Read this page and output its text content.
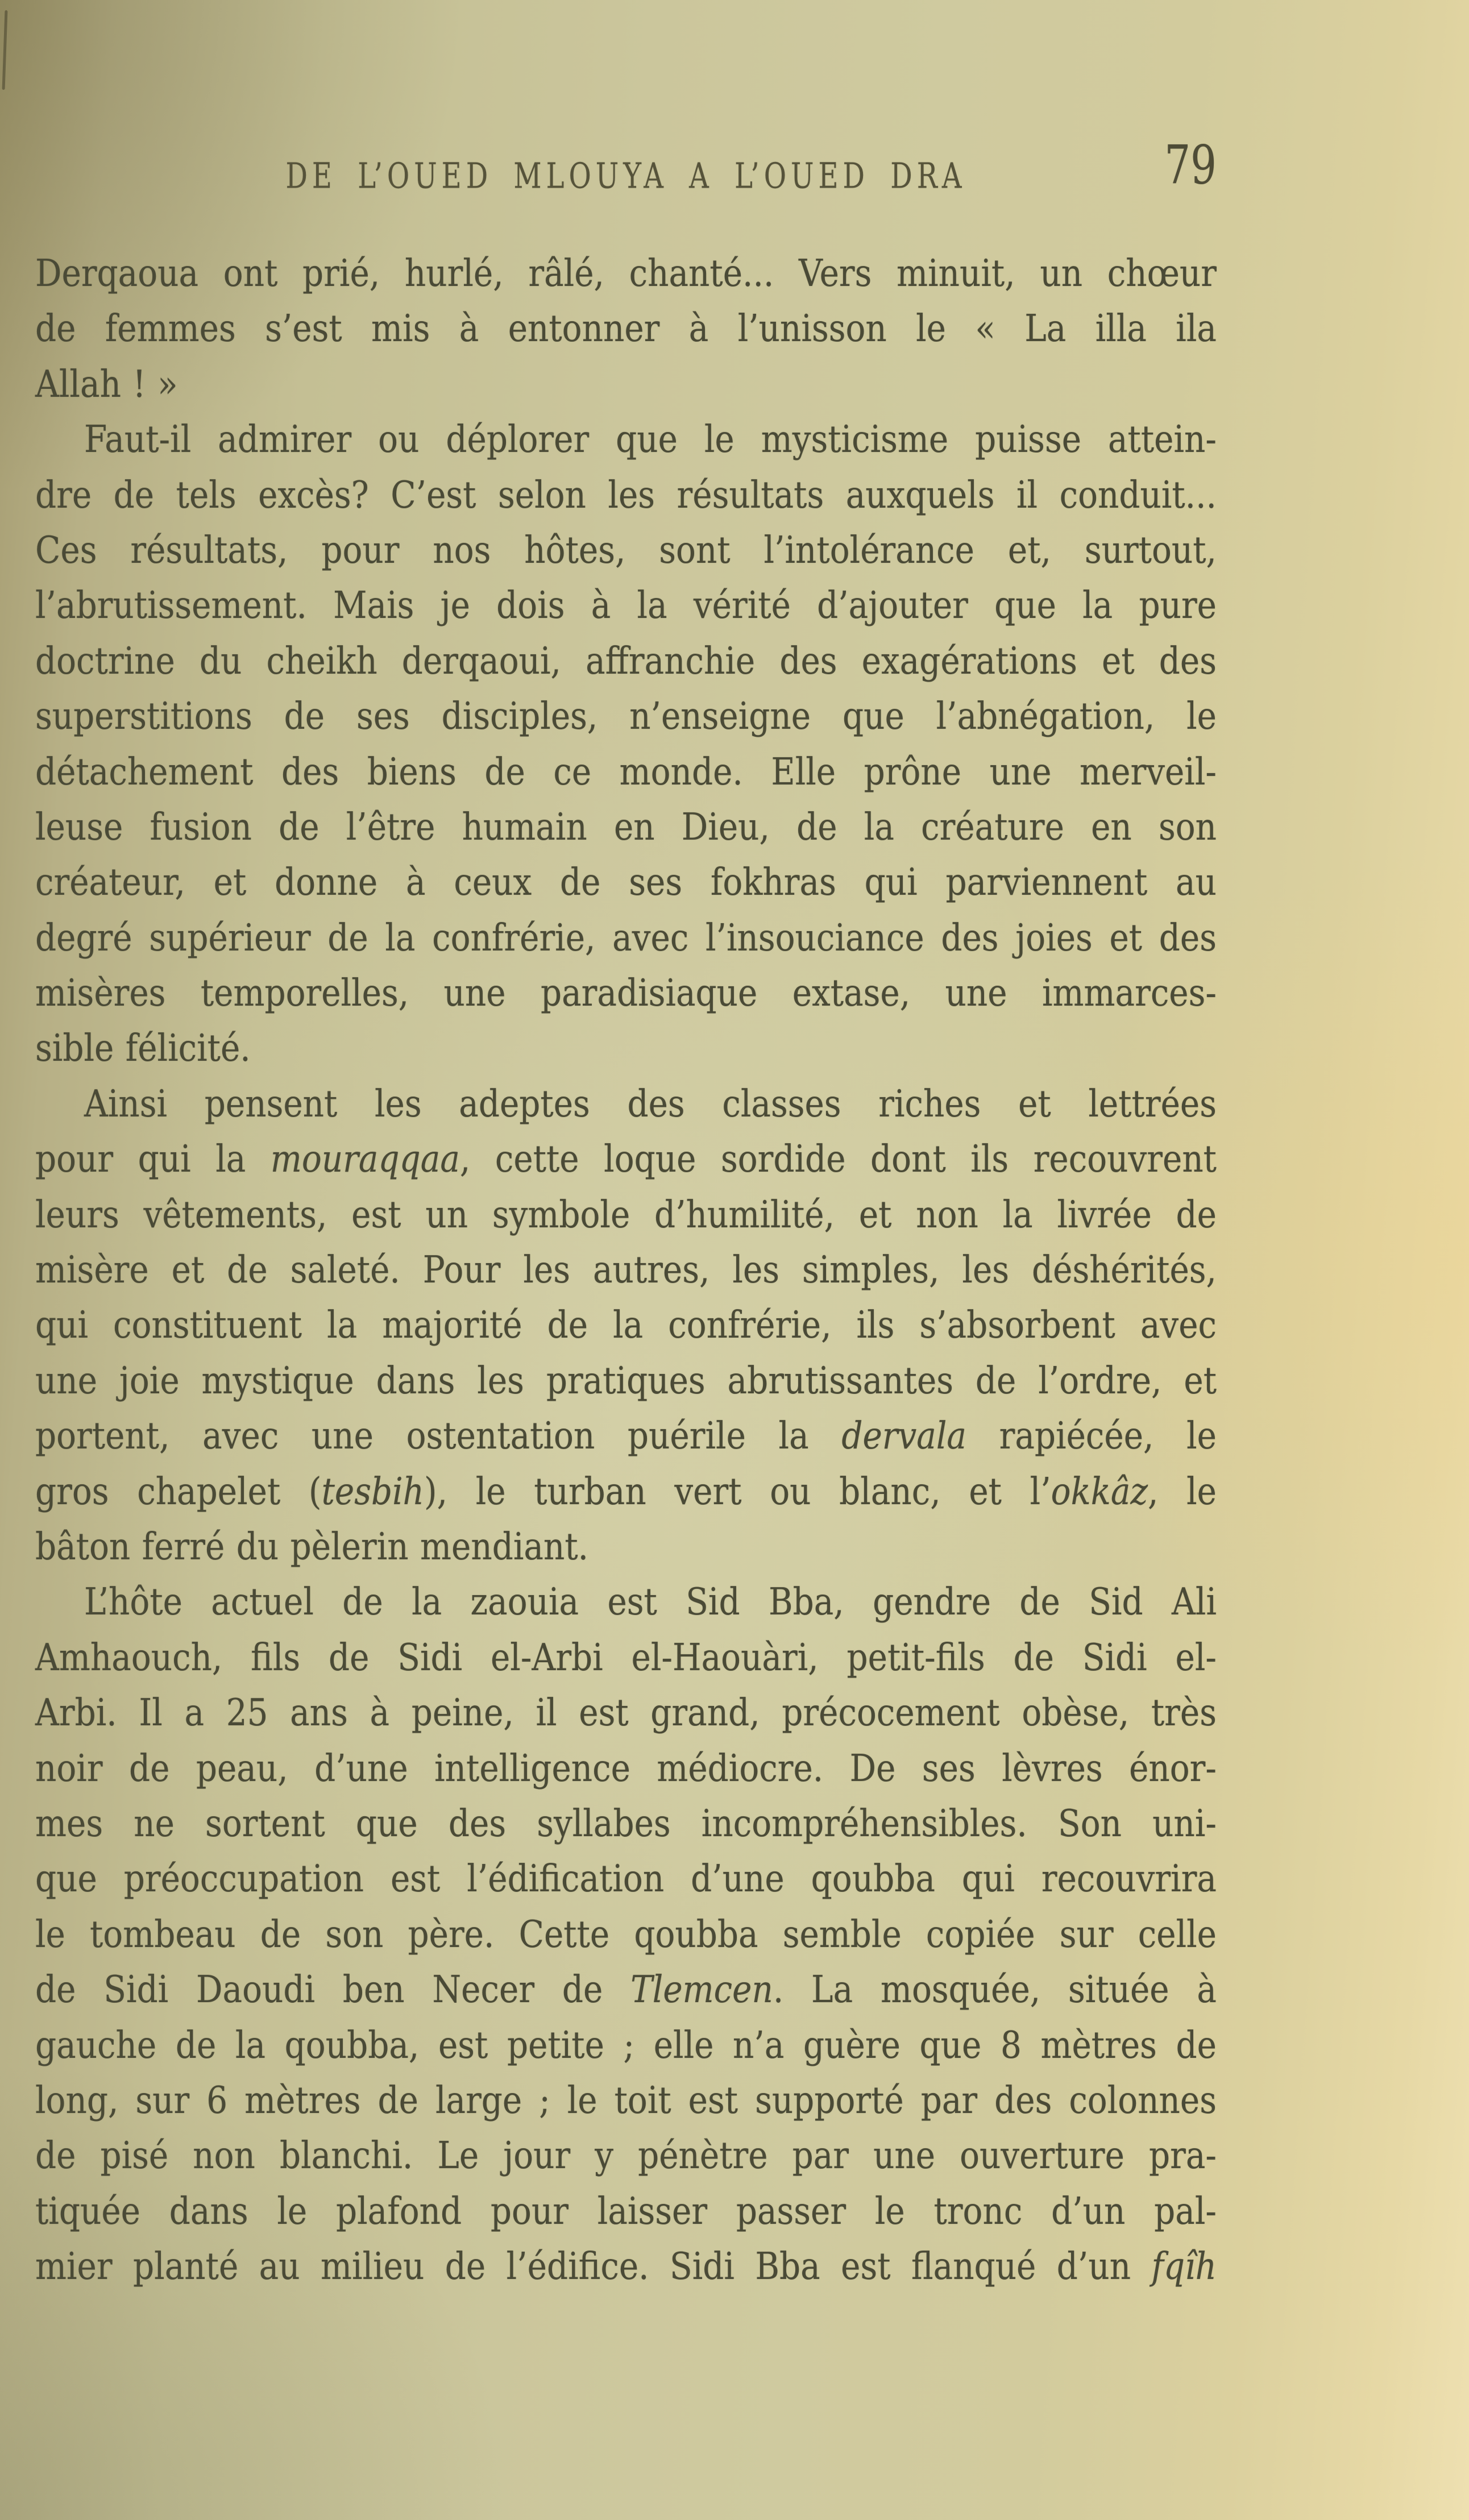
DE L’OUED MLOUYA A L’OUED DRA	79
Derqaoua ont prié, hurlé, râlé, chanté... Vers minuit, un chœur
de femmes s’est mis à entonner à l’unisson le « La illa ila
Allah ! »
Faut-il admirer ou déplorer que le mysticisme puisse attein-
dre de tels excès? C’est selon les résultats auxquels il conduit...
Ces résultats, pour nos hôtes, sont l’intolérance et, surtout,
l’abrutissement. Mais je dois à la vérité d’ajouter que la pure
doctrine du cheikh derqaoui, affranchie des exagérations et des
superstitions de ses disciples, n’enseigne que l’abnégation, le
détachement des biens de ce monde. Elle prône une merveil-
leuse fusion de l’être humain en Dieu, de la créature en son
créateur, et donne à ceux de ses fokhras qui parviennent au
degré supérieur de la confrérie, avec l’insouciance des joies et des
misères temporelles, une paradisiaque extase, une immarces-
sible félicité.
Ainsi pensent les adeptes des classes riches et lettrées
pour qui la mouraqqaa, cette loque sordide dont ils recouvrent
leurs vêtements, est un symbole d’humilité, et non la livrée de
misère et de saleté. Pour les autres, les simples, les déshérités,
qui constituent la majorité de la confrérie, ils s’absorbent avec
une joie mystique dans les pratiques abrutissantes de l’ordre, et
portent, avec une ostentation puérile la dervala rapiécée, le
gros chapelet (tesbih), le turban vert ou blanc, et l’okkâz, le
bâton ferré du pèlerin mendiant.
L’hôte actuel de la zaouia est Sid Bba, gendre de Sid Ali
Amhaouch, fils de Sidi el-Arbi el-Haouàri, petit-fils de Sidi el-
Arbi. Il a 25 ans à peine, il est grand, précocement obèse, très
noir de peau, d’une intelligence médiocre. De ses lèvres énor-
mes ne sortent que des syllabes incompréhensibles. Son uni-
que préoccupation est l’édification d’une qoubba qui recouvrira
le tombeau de son père. Cette qoubba semble copiée sur celle
de Sidi Daoudi ben Necer de Tlemcen. La mosquée, située à
gauche de la qoubba, est petite ; elle n’a guère que 8 mètres de
long, sur 6 mètres de large ; le toit est supporté par des colonnes
de pisé non blanchi. Le jour y pénètre par une ouverture pra-
tiquée dans le plafond pour laisser passer le tronc d’un pal-
mier planté au milieu de l’édifice. Sidi Bba est flanqué d’un fqîh
